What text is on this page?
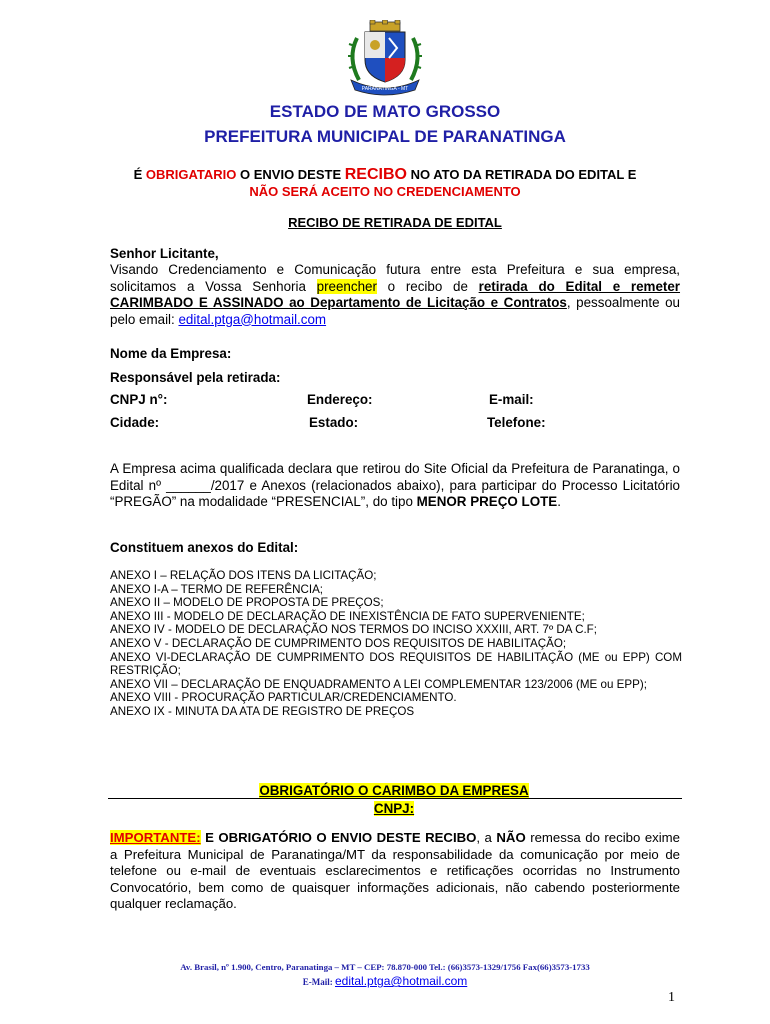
PARANATINGA - MT
ESTADO DE MATO GROSSO
PREFEITURA MUNICIPAL DE PARANATINGA
É OBRIGATARIO O ENVIO DESTE RECIBO NO ATO DA RETIRADA DO EDITAL E
NÃO SERÁ ACEITO NO CREDENCIAMENTO
RECIBO DE RETIRADA DE EDITAL
Senhor Licitante,
Visando Credenciamento e Comunicação futura entre esta Prefeitura e sua empresa, solicitamos a Vossa Senhoria preencher o recibo de retirada do Edital e remeter CARIMBADO E ASSINADO ao Departamento de Licitação e Contratos, pessoalmente ou pelo email: edital.ptga@hotmail.com
Nome da Empresa:
Responsável pela retirada:
CNPJ n°:	Endereço:	E-mail:
Cidade:	Estado:	Telefone:
A Empresa acima qualificada declara que retirou do Site Oficial da Prefeitura de Paranatinga, o Edital nº ______/2017 e Anexos (relacionados abaixo), para participar do Processo Licitatório “PREGÃO” na modalidade “PRESENCIAL”, do tipo MENOR PREÇO LOTE.
Constituem anexos do Edital:
ANEXO I – RELAÇÃO DOS ITENS DA LICITAÇÃO;
ANEXO I-A – TERMO DE REFERÊNCIA;
ANEXO II – MODELO DE PROPOSTA DE PREÇOS;
ANEXO III - MODELO DE DECLARAÇÃO DE INEXISTÊNCIA DE FATO SUPERVENIENTE;
ANEXO IV - MODELO DE DECLARAÇÃO NOS TERMOS DO INCISO XXXIII, ART. 7º DA C.F;
ANEXO V - DECLARAÇÃO DE CUMPRIMENTO DOS REQUISITOS DE HABILITAÇÃO;
ANEXO VI-DECLARAÇÃO DE CUMPRIMENTO DOS REQUISITOS DE HABILITAÇÃO (ME ou EPP) COM RESTRIÇÃO;
ANEXO VII – DECLARAÇÃO DE ENQUADRAMENTO A LEI COMPLEMENTAR 123/2006 (ME ou EPP);
ANEXO VIII - PROCURAÇÃO PARTICULAR/CREDENCIAMENTO.
ANEXO IX - MINUTA DA ATA DE REGISTRO DE PREÇOS
OBRIGATÓRIO O CARIMBO DA EMPRESA
CNPJ:
IMPORTANTE: E OBRIGATÓRIO O ENVIO DESTE RECIBO, a NÃO remessa do recibo exime a Prefeitura Municipal de Paranatinga/MT da responsabilidade da comunicação por meio de telefone ou e-mail de eventuais esclarecimentos e retificações ocorridas no Instrumento Convocatório, bem como de quaisquer informações adicionais, não cabendo posteriormente qualquer reclamação.
Av. Brasil, nº 1.900, Centro, Paranatinga – MT – CEP: 78.870-000 Tel.: (66)3573-1329/1756 Fax(66)3573-1733
E-Mail: edital.ptga@hotmail.com
1
